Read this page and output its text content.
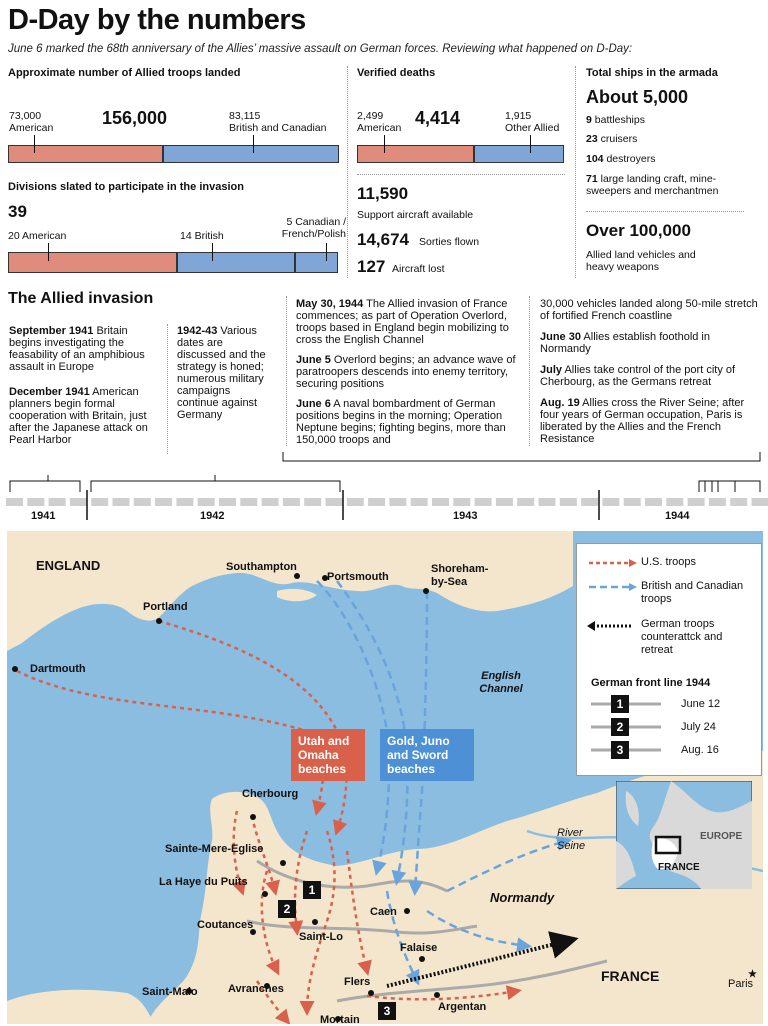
D-Day by the numbers
June 6 marked the 68th anniversary of the Allies’ massive assault on German forces. Reviewing what happened on D-Day:
Approximate number of Allied troops landed
73,000
American	156,000	83,115
British and Canadian
Verified deaths
2,499
American 4,414	1,915
Other Allied
11,590
Support aircraft available
14,674 Sorties flown
127 Aircraft lost
Total ships in the armada
About 5,000
9 battleships
23 cruisers
104 destroyers
71 large landing craft, mine-sweepers and merchantmen
Over 100,000
Allied land vehicles and heavy weapons
Divisions slated to participate in the invasion
39
20 American	14 British
5 Canadian / French/Polish
The Allied invasion
September 1941 Britain begins investigating the feasability of an amphibious assault in Europe
December 1941 American planners begin formal cooperation with Britain, just after the Japanese attack on Pearl Harbor
1942-43 Various dates are discussed and the strategy is honed; numerous military campaigns continue against Germany
May 30, 1944 The Allied invasion of France commences; as part of Operation Overlord, troops based in England begin mobilizing to cross the English Channel
June 5 Overlord begins; an advance wave of paratroopers descends into enemy territory, securing positions
June 6 A naval bombardment of German positions begins in the morning; Operation Neptune begins; fighting begins, more than 150,000 troops and
30,000 vehicles landed along 50-mile stretch of fortified French coastline
June 30 Allies establish foothold in Normandy
July Allies take control of the port city of Cherbourg, as the Germans retreat
Aug. 19 Allies cross the River Seine; after four years of German occupation, Paris is liberated by the Allies and the French Resistance
1941	1942	1943	1944
ENGLAND	Southampton
Portsmouth
Shoreham-by-Sea
Portland
Dartmouth
English Channel
Utah and Omaha beaches
Gold, Juno and Sword beaches
Cherbourg
Sainte-Mere-Eglise
La Haye du Puits
Coutances
Saint-Lo
Caen
Falaise
Flers
Avranches
Saint-Malo
Mortain
Argentan
Normandy
FRANCE	Paris
★
River Seine
1
2
3
U.S. troops
British and Canadian troops
German troops counterattck and retreat
German front line 1944
1
2
3
June 12
July 24
Aug. 16
EUROPE
FRANCE
